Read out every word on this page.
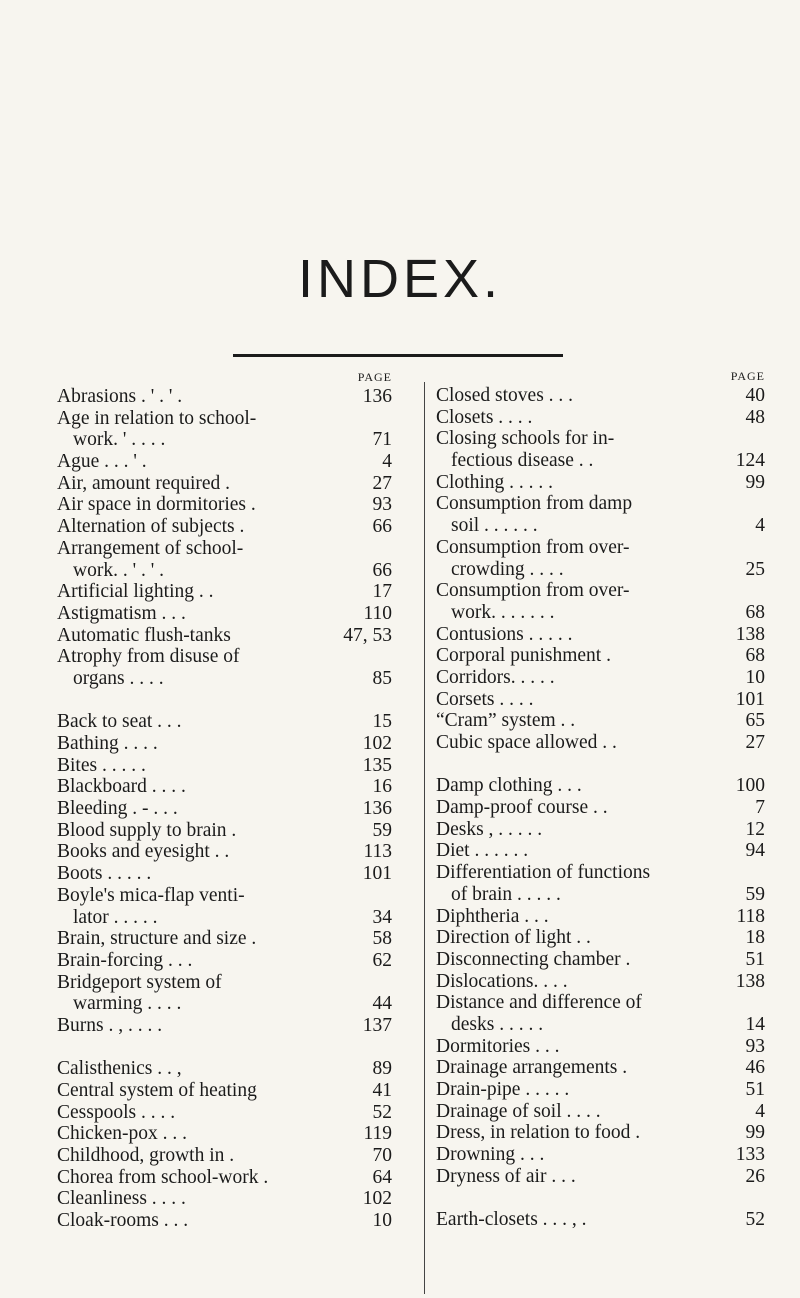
INDEX.
PAGE
Abrasions . ' . ' .	136
Age in relation to school-
work. ' . . . .	71
Ague . . . ' .	4
Air, amount required .	27
Air space in dormitories .	93
Alternation of subjects .	66
Arrangement of school-
work. . ' . ' .	66
Artificial lighting . .	17
Astigmatism . . .	110
Automatic flush-tanks	47, 53
Atrophy from disuse of
organs . . . .	85
Back to seat . . .	15
Bathing . . . .	102
Bites . . . . .	135
Blackboard . . . .	16
Bleeding . - . . .	136
Blood supply to brain .	59
Books and eyesight . .	113
Boots . . . . .	101
Boyle's mica-flap venti-
lator . . . . .	34
Brain, structure and size .	58
Brain-forcing . . .	62
Bridgeport system of
warming . . . .	44
Burns . , . . . .	137
Calisthenics . . ,	89
Central system of heating	41
Cesspools . . . .	52
Chicken-pox . . .	119
Childhood, growth in .	70
Chorea from school-work .	64
Cleanliness . . . .	102
Cloak-rooms . . .	10
PAGE
Closed stoves . . .	40
Closets . . . .	48
Closing schools for in-
fectious disease . .	124
Clothing . . . . .	99
Consumption from damp
soil . . . . . .	4
Consumption from over-
crowding . . . .	25
Consumption from over-
work. . . . . . .	68
Contusions . . . . .	138
Corporal punishment .	68
Corridors. . . . .	10
Corsets . . . .	101
“Cram” system . .	65
Cubic space allowed . .	27
Damp clothing . . .	100
Damp-proof course . .	7
Desks , . . . . .	12
Diet . . . . . .	94
Differentiation of functions
of brain . . . . .	59
Diphtheria . . .	118
Direction of light . .	18
Disconnecting chamber .	51
Dislocations. . . .	138
Distance and difference of
desks . . . . .	14
Dormitories . . .	93
Drainage arrangements .	46
Drain-pipe . . . . .	51
Drainage of soil . . . .	4
Dress, in relation to food .	99
Drowning . . .	133
Dryness of air . . .	26
Earth-closets . . . , .	52
